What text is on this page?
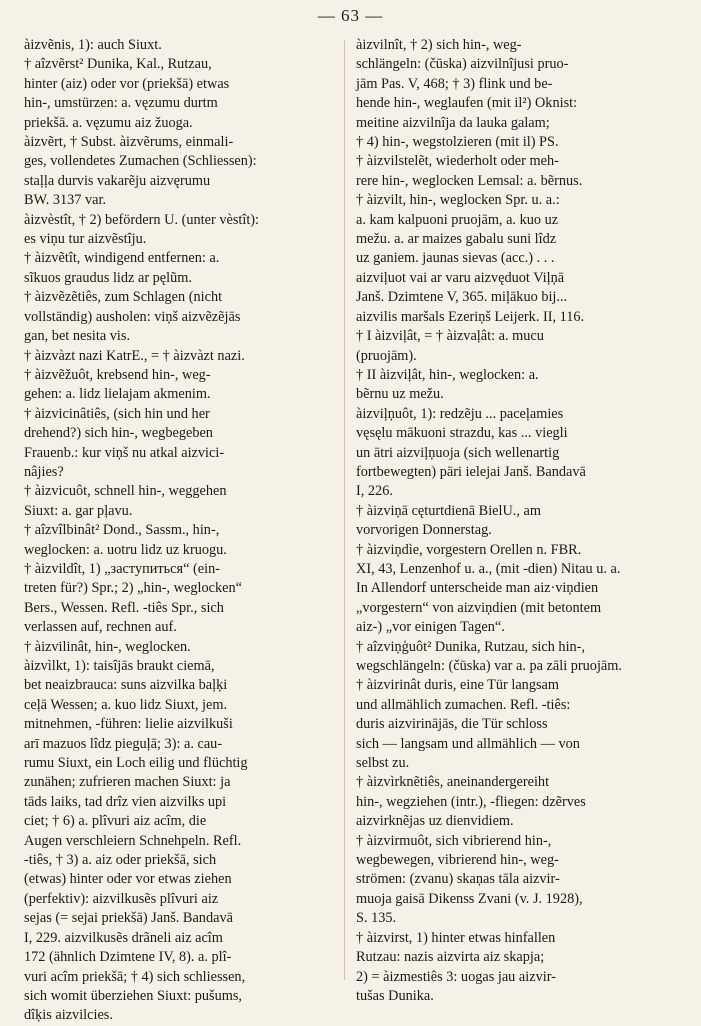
— 63 —

àizvẽnis, 1): auch Siuxt.

† aîzvẽrst² Dunika, Kal., Rutzau,
hinter (aiz) oder vor (priekšā) etwas
hin-, umstürzen: a. vęzumu durtm
priekšā. a. vęzumu aiz žuoga.

àizvẽrt, † Subst. àizvẽrums, einmali-
ges, vollendetes Zumachen (Schliessen):
staļļa durvis vakarẽju aizvęrumu
BW. 3137 var.

àizvèstît, † 2) befördern U. (unter vèstît):
es viņu tur aizvẽstîju.

† àizvẽtît, windigend entfernen: a.
sĩkuos graudus lidz ar pęlũm.

† àizvẽzẽtiês, zum Schlagen (nicht
vollständig) ausholen: viņš aizvẽzẽjās
gan, bet nesita vis.

† àizvàzt nazi KatrE., = † àizvàzt nazi.

† àizvẽžuôt, krebsend hin-, weg-
gehen: a. lidz lielajam akmenim.

† àizvicinâtiês, (sich hin und her
drehend?) sich hin-, wegbegeben
Frauenb.: kur viņš nu atkal aizvici-
nâjies?

† àizvicuôt, schnell hin-, weggehen
Siuxt: a. gar pļavu.

† aîzvîlbinât² Dond., Sassm., hin-,
weglocken: a. uotru lidz uz kruogu.

† àizvildît, 1) „заступиться“ (ein-
treten für?) Spr.; 2) „hin-, weglocken“
Bers., Wessen. Refl. -tiês Spr., sich
verlassen auf, rechnen auf.

† àizvilinât, hin-, weglocken.

àizvìlkt, 1): taisîjās braukt ciemā,
bet neaizbrauca: suns aizvilka baļķi
ceļā Wessen; a. kuo lidz Siuxt, jem.
mitnehmen, -führen: lielie aizvilkuši
arī mazuos lîdz pieguļā; 3): a. cau-
rumu Siuxt, ein Loch eilig und flüchtig
zunähen; zufrieren machen Siuxt: ja
tāds laiks, tad drîz vien aizvilks upi
ciet; † 6) a. plîvuri aiz acîm, die
Augen verschleiern Schnehpeln. Refl.
-tiês, † 3) a. aiz oder priekšā, sich
(etwas) hinter oder vor etwas ziehen
(perfektiv): aizvilkusẽs plîvuri aiz
sejas (= sejai priekšā) Janš. Bandavā
I, 229. aizvilkusẽs drãneli aiz acîm
172 (ähnlich Dzimtene IV, 8). a. plî-
vuri acîm priekšā; † 4) sich schliessen,
sich womit überziehen Siuxt: pušums,
dîķis aizvilcies.

àizvilnît, † 2) sich hin-, weg-
schlängeln: (čūska) aizvilnîjusi pruo-
jām Pas. V, 468; † 3) flink und be-
hende hin-, weglaufen (mit il²) Oknist:
meitine aizvilnîja da lauka galam;
† 4) hin-, wegstolzieren (mit il) PS.

† àizvilstelẽt, wiederholt oder meh-
rere hin-, weglocken Lemsal: a. bẽrnus.

† àizvilt, hin-, weglocken Spr. u. a.:
a. kam kalpuoni pruojām, a. kuo uz
mežu. a. ar maizes gabalu suni lîdz
uz ganiem. jaunas sievas (acc.) . . .
aizviļuot vai ar varu aizvęduot Viļņā
Janš. Dzimtene V, 365. miļākuo bij...
aizvilis maršals Ezeriņš Leijerk. II, 116.

† I àizviļât, = † àizvaļât: a. mucu
(pruojām).

† II àizviļât, hin-, weglocken: a.
bẽrnu uz mežu.

àizviļņuôt, 1): redzẽju ... paceļamies
vęsęlu mākuoni strazdu, kas ... viegli
un ātri aizviļņuoja (sich wellenartig
fortbewegten) pāri ielejai Janš. Bandavā
I, 226.

† àizviņā cęturtdienā BielU., am
vorvorigen Donnerstag.

† àizviņdìe, vorgestern Orellen n. FBR.
XI, 43, Lenzenhof u. a., (mit -dien) Nitau u. a.
In Allendorf unterscheide man aiz·viņdien
„vorgestern“ von aizviņdien (mit betontem
aiz-) „vor einigen Tagen“.

† aîzviņģuôt² Dunika, Rutzau, sich hin-,
wegschlängeln: (čūska) var a. pa zāli pruojām.

† àizvirinât duris, eine Tür langsam
und allmählich zumachen. Refl. -tiês:
duris aizvirinājās, die Tür schloss
sich — langsam und allmählich — von
selbst zu.

† àizvìrknẽtiês, aneinandergereiht
hin-, wegziehen (intr.), -fliegen: dzẽrves
aizvirknẽjas uz dienvidiem.

† àizvirmuôt, sich vibrierend hin-,
wegbewegen, vibrierend hin-, weg-
strömen: (zvanu) skaņas tāla aizvir-
muoja gaisā Dikenss Zvani (v. J. 1928),
S. 135.

† àizvirst, 1) hinter etwas hinfallen
Rutzau: nazis aizvirta aiz skapja;
2) = àizmestiês 3: uogas jau aizvir-
tušas Dunika.
